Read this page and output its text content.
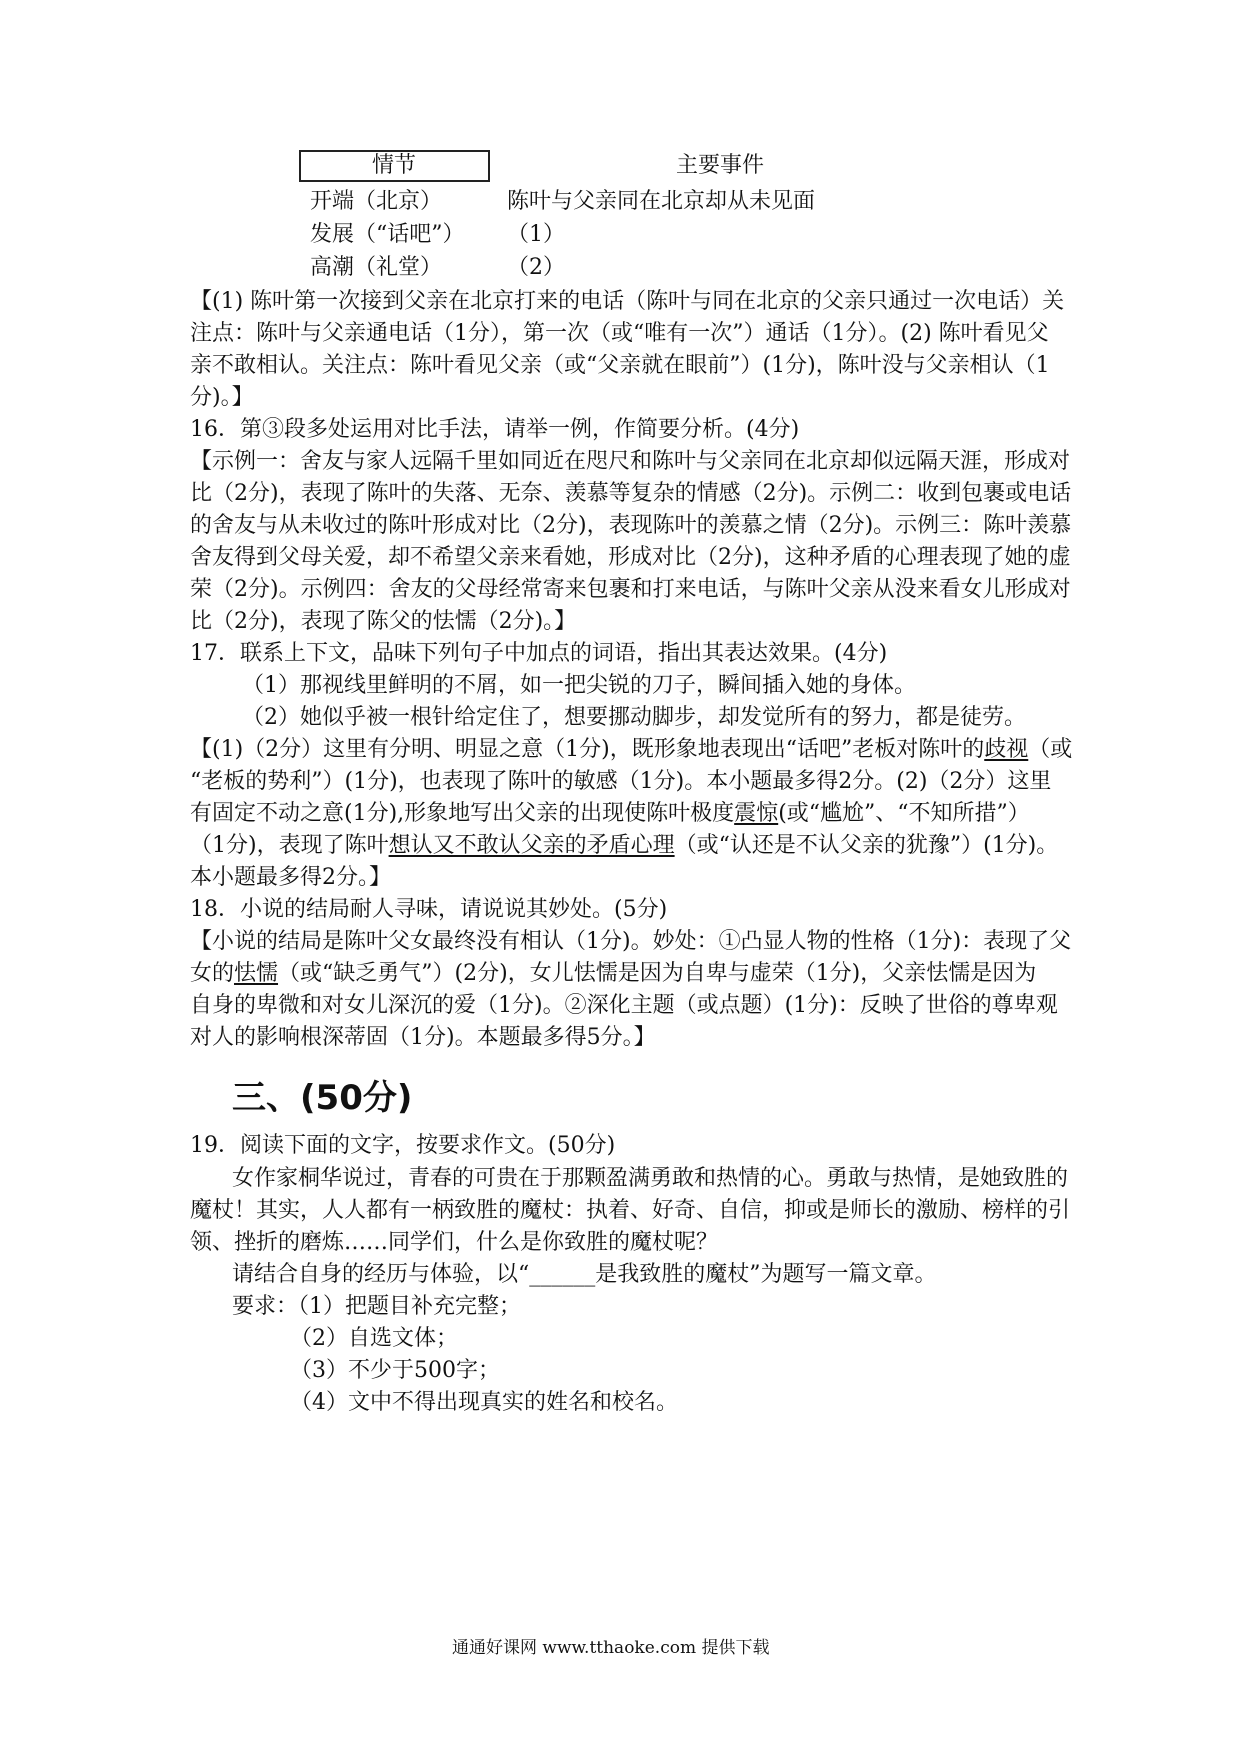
情节	主要事件
开端（北京）	陈叶与父亲同在北京却从未见面
发展（“话吧”） （1）
高潮（礼堂）	（2）
【(1) 陈叶第一次接到父亲在北京打来的电话（陈叶与同在北京的父亲只通过一次电话）关
注点：陈叶与父亲通电话（1分），第一次（或“唯有一次”）通话（1分）。(2) 陈叶看见父
亲不敢相认。关注点：陈叶看见父亲（或“父亲就在眼前”）(1分)，陈叶没与父亲相认（1
分)。】
16．第③段多处运用对比手法，请举一例，作简要分析。(4分)
【示例一：舍友与家人远隔千里如同近在咫尺和陈叶与父亲同在北京却似远隔天涯，形成对
比（2分)，表现了陈叶的失落、无奈、羡慕等复杂的情感（2分)。示例二：收到包裹或电话
的舍友与从未收过的陈叶形成对比（2分)，表现陈叶的羡慕之情（2分)。示例三：陈叶羡慕
舍友得到父母关爱，却不希望父亲来看她，形成对比（2分)，这种矛盾的心理表现了她的虚
荣（2分)。示例四：舍友的父母经常寄来包裹和打来电话，与陈叶父亲从没来看女儿形成对
比（2分)，表现了陈父的怯懦（2分)。】
17．联系上下文，品味下列句子中加点的词语，指出其表达效果。(4分)
（1）那视线里鲜明的不屑，如一把尖锐的刀子，瞬间插入她的身体。
（2）她似乎被一根针给定住了，想要挪动脚步，却发觉所有的努力，都是徒劳。
【(1)（2分）这里有分明、明显之意（1分)，既形象地表现出“话吧”老板对陈叶的歧视（或
“老板的势利”）(1分)，也表现了陈叶的敏感（1分)。本小题最多得2分。(2)（2分）这里
有固定不动之意(1分),形象地写出父亲的出现使陈叶极度震惊(或“尴尬”、“不知所措”）
（1分)，表现了陈叶想认又不敢认父亲的矛盾心理（或“认还是不认父亲的犹豫”）(1分)。
本小题最多得2分。】
18．小说的结局耐人寻味，请说说其妙处。(5分)
【小说的结局是陈叶父女最终没有相认（1分)。妙处：①凸显人物的性格（1分)：表现了父
女的怯懦（或“缺乏勇气”）(2分)，女儿怯懦是因为自卑与虚荣（1分)，父亲怯懦是因为
自身的卑微和对女儿深沉的爱（1分)。②深化主题（或点题）(1分)：反映了世俗的尊卑观
对人的影响根深蒂固（1分)。本题最多得5分。】
三、(50分)
19．阅读下面的文字，按要求作文。(50分)
女作家桐华说过，青春的可贵在于那颗盈满勇敢和热情的心。勇敢与热情，是她致胜的
魔杖！其实，人人都有一柄致胜的魔杖：执着、好奇、自信，抑或是师长的激励、榜样的引
领、挫折的磨炼……同学们，什么是你致胜的魔杖呢？
请结合自身的经历与体验，以“______是我致胜的魔杖”为题写一篇文章。
要求：（1）把题目补充完整；
（2）自选文体；
（3）不少于500字；
（4）文中不得出现真实的姓名和校名。
通通好课网 www.tthaoke.com 提供下载
